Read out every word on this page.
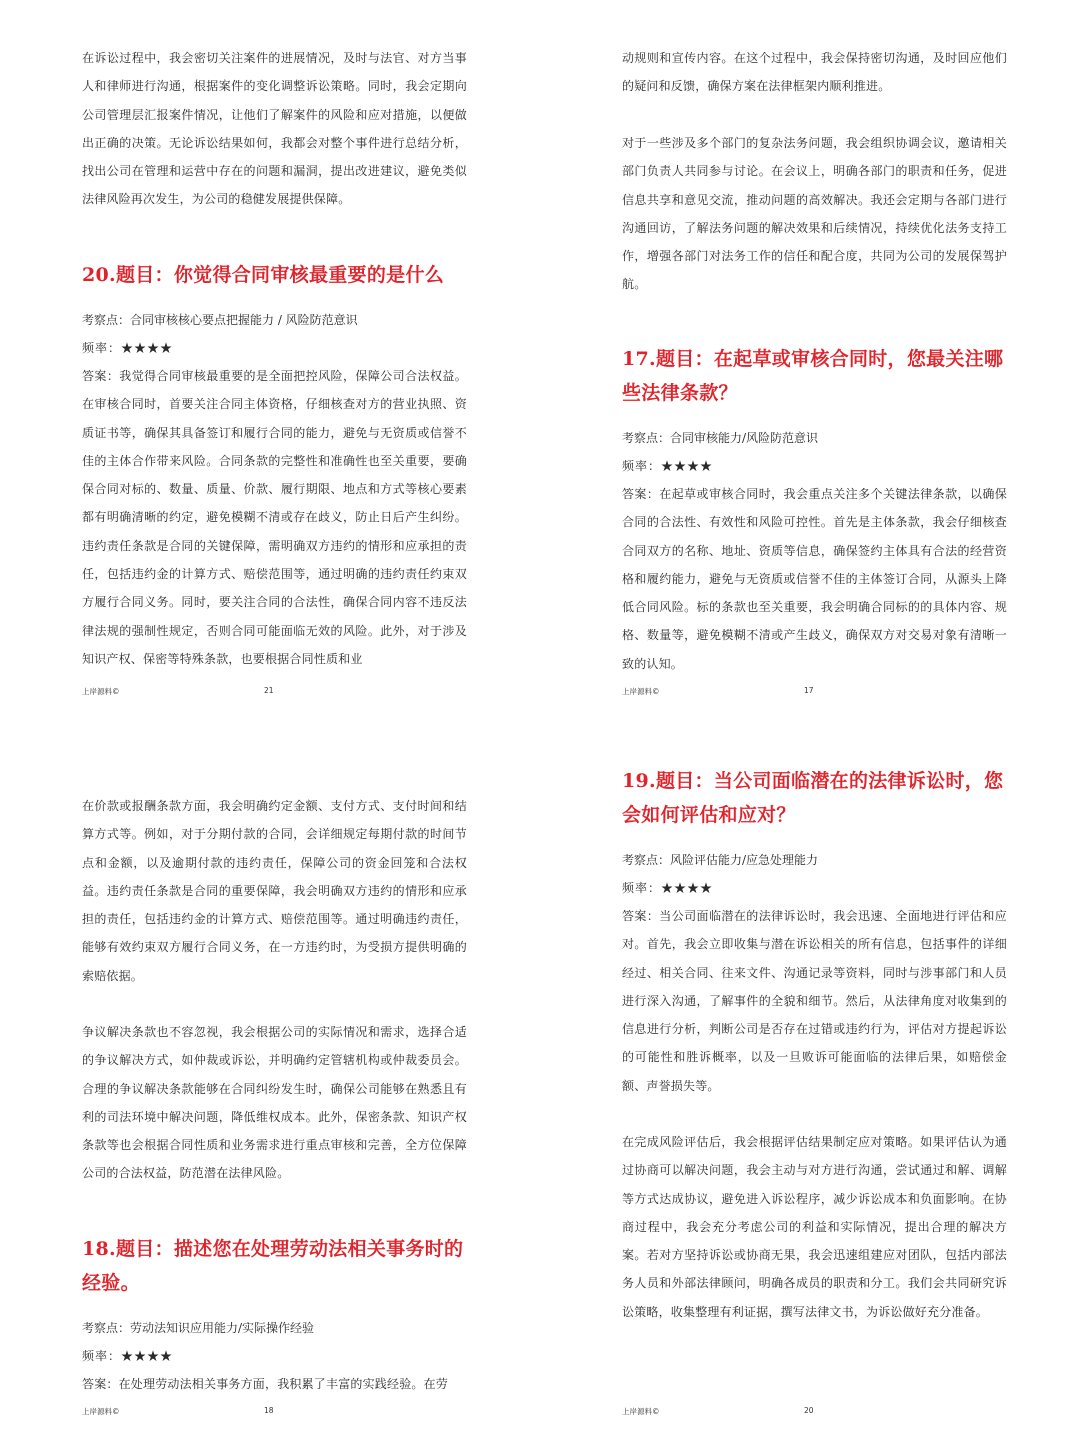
在诉讼过程中，我会密切关注案件的进展情况，及时与法官、对方当事人和律师进行沟通，根据案件的变化调整诉讼策略。同时，我会定期向公司管理层汇报案件情况，让他们了解案件的风险和应对措施，以便做出正确的决策。无论诉讼结果如何，我都会对整个事件进行总结分析，找出公司在管理和运营中存在的问题和漏洞，提出改进建议，避免类似法律风险再次发生，为公司的稳健发展提供保障。

20.题目：你觉得合同审核最重要的是什么

考察点：合同审核核心要点把握能力 / 风险防范意识

频率：★★★★

答案：我觉得合同审核最重要的是全面把控风险，保障公司合法权益。在审核合同时，首要关注合同主体资格，仔细核查对方的营业执照、资质证书等，确保其具备签订和履行合同的能力，避免与无资质或信誉不佳的主体合作带来风险。合同条款的完整性和准确性也至关重要，要确保合同对标的、数量、质量、价款、履行期限、地点和方式等核心要素都有明确清晰的约定，避免模糊不清或存在歧义，防止日后产生纠纷。违约责任条款是合同的关键保障，需明确双方违约的情形和应承担的责任，包括违约金的计算方式、赔偿范围等，通过明确的违约责任约束双方履行合同义务。同时，要关注合同的合法性，确保合同内容不违反法律法规的强制性规定，否则合同可能面临无效的风险。此外，对于涉及知识产权、保密等特殊条款，也要根据合同性质和业

上岸源料©	21

动规则和宣传内容。在这个过程中，我会保持密切沟通，及时回应他们的疑问和反馈，确保方案在法律框架内顺利推进。

对于一些涉及多个部门的复杂法务问题，我会组织协调会议，邀请相关部门负责人共同参与讨论。在会议上，明确各部门的职责和任务，促进信息共享和意见交流，推动问题的高效解决。我还会定期与各部门进行沟通回访，了解法务问题的解决效果和后续情况，持续优化法务支持工作，增强各部门对法务工作的信任和配合度，共同为公司的发展保驾护航。

17.题目：在起草或审核合同时，您最关注哪些法律条款？

考察点：合同审核能力/风险防范意识

频率：★★★★

答案：在起草或审核合同时，我会重点关注多个关键法律条款，以确保合同的合法性、有效性和风险可控性。首先是主体条款，我会仔细核查合同双方的名称、地址、资质等信息，确保签约主体具有合法的经营资格和履约能力，避免与无资质或信誉不佳的主体签订合同，从源头上降低合同风险。标的条款也至关重要，我会明确合同标的的具体内容、规格、数量等，避免模糊不清或产生歧义，确保双方对交易对象有清晰一致的认知。

上岸源料©	17

在价款或报酬条款方面，我会明确约定金额、支付方式、支付时间和结算方式等。例如，对于分期付款的合同，会详细规定每期付款的时间节点和金额，以及逾期付款的违约责任，保障公司的资金回笼和合法权益。违约责任条款是合同的重要保障，我会明确双方违约的情形和应承担的责任，包括违约金的计算方式、赔偿范围等。通过明确违约责任，能够有效约束双方履行合同义务，在一方违约时，为受损方提供明确的索赔依据。

争议解决条款也不容忽视，我会根据公司的实际情况和需求，选择合适的争议解决方式，如仲裁或诉讼，并明确约定管辖机构或仲裁委员会。合理的争议解决条款能够在合同纠纷发生时，确保公司能够在熟悉且有利的司法环境中解决问题，降低维权成本。此外，保密条款、知识产权条款等也会根据合同性质和业务需求进行重点审核和完善，全方位保障公司的合法权益，防范潜在法律风险。

18.题目：描述您在处理劳动法相关事务时的经验。

考察点：劳动法知识应用能力/实际操作经验

频率：★★★★

答案：在处理劳动法相关事务方面，我积累了丰富的实践经验。在劳

上岸源料©	18
19.题目：当公司面临潜在的法律诉讼时，您会如何评估和应对？

考察点：风险评估能力/应急处理能力

频率：★★★★

答案：当公司面临潜在的法律诉讼时，我会迅速、全面地进行评估和应对。首先，我会立即收集与潜在诉讼相关的所有信息，包括事件的详细经过、相关合同、往来文件、沟通记录等资料，同时与涉事部门和人员进行深入沟通，了解事件的全貌和细节。然后，从法律角度对收集到的信息进行分析，判断公司是否存在过错或违约行为，评估对方提起诉讼的可能性和胜诉概率，以及一旦败诉可能面临的法律后果，如赔偿金额、声誉损失等。

在完成风险评估后，我会根据评估结果制定应对策略。如果评估认为通过协商可以解决问题，我会主动与对方进行沟通，尝试通过和解、调解等方式达成协议，避免进入诉讼程序，减少诉讼成本和负面影响。在协商过程中，我会充分考虑公司的利益和实际情况，提出合理的解决方案。若对方坚持诉讼或协商无果，我会迅速组建应对团队，包括内部法务人员和外部法律顾问，明确各成员的职责和分工。我们会共同研究诉讼策略，收集整理有利证据，撰写法律文书，为诉讼做好充分准备。

上岸源料©	20
